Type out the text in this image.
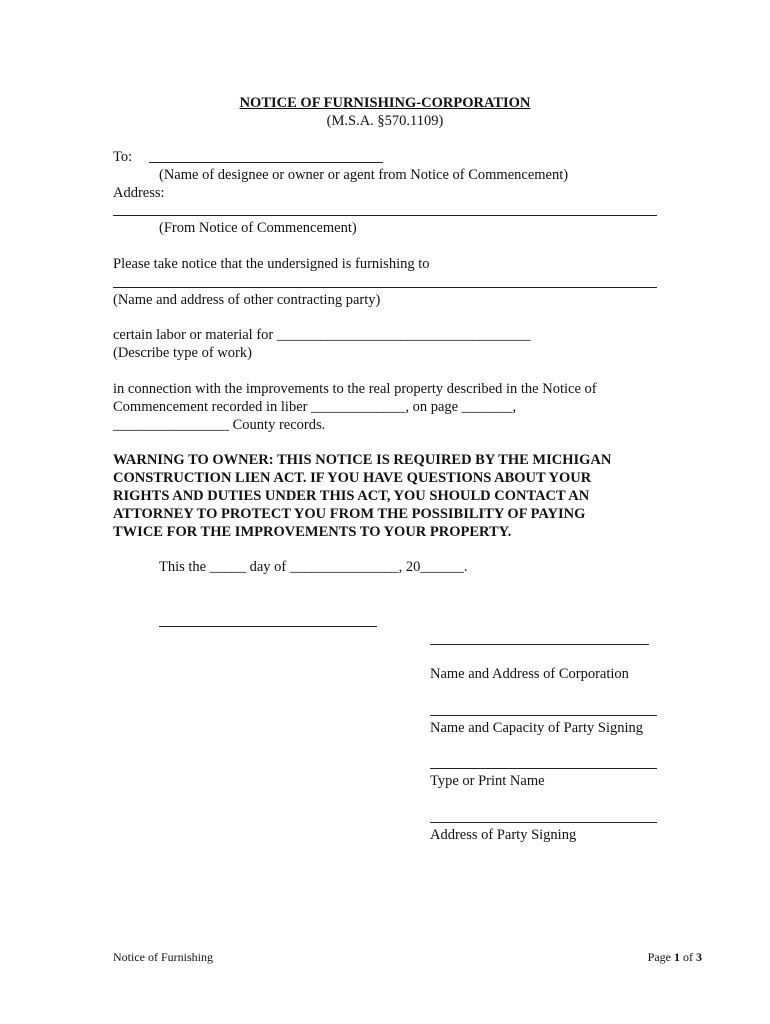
NOTICE OF FURNISHING-CORPORATION
(M.S.A. §570.1109)
To:
(Name of designee or owner or agent from Notice of Commencement)
Address:
(From Notice of Commencement)
Please take notice that the undersigned is furnishing to
(Name and address of other contracting party)
certain labor or material for ___________________________________
(Describe type of work)
in connection with the improvements to the real property described in the Notice of
Commencement recorded in liber _____________, on page _______,
________________ County records.
WARNING TO OWNER: THIS NOTICE IS REQUIRED BY THE MICHIGAN
CONSTRUCTION LIEN ACT. IF YOU HAVE QUESTIONS ABOUT YOUR
RIGHTS AND DUTIES UNDER THIS ACT, YOU SHOULD CONTACT AN
ATTORNEY TO PROTECT YOU FROM THE POSSIBILITY OF PAYING
TWICE FOR THE IMPROVEMENTS TO YOUR PROPERTY.
This the _____ day of _______________, 20______.
Name and Address of Corporation
Name and Capacity of Party Signing
Type or Print Name
Address of Party Signing
Notice of Furnishing	Page 1 of 3
